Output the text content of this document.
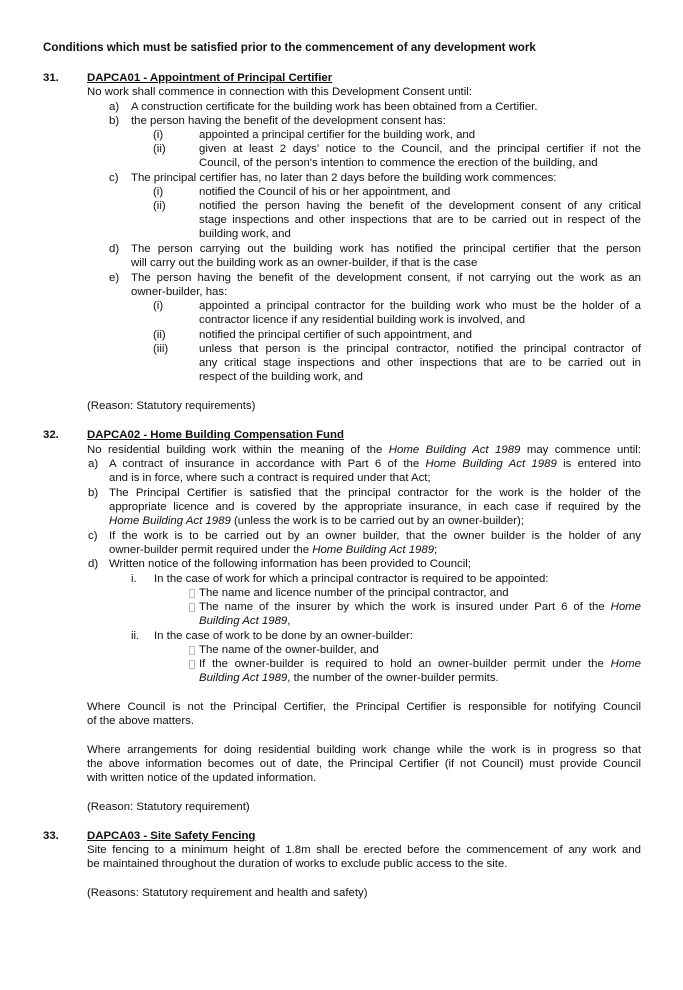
Conditions which must be satisfied prior to the commencement of any development work
31. DAPCA01 - Appointment of Principal Certifier
No work shall commence in connection with this Development Consent until:
a) A construction certificate for the building work has been obtained from a Certifier.
b) the person having the benefit of the development consent has:
(i)	appointed a principal certifier for the building work, and
(ii)	given at least 2 days’ notice to the Council, and the principal certifier if not the
Council, of the person's intention to commence the erection of the building, and
c) The principal certifier has, no later than 2 days before the building work commences:
(i)	notified the Council of his or her appointment, and
(ii)	notified the person having the benefit of the development consent of any critical
stage inspections and other inspections that are to be carried out in respect of the
building work, and
d) The person carrying out the building work has notified the principal certifier that the person
will carry out the building work as an owner-builder, if that is the case
e) The person having the benefit of the development consent, if not carrying out the work as an
owner-builder, has:
(i)	appointed a principal contractor for the building work who must be the holder of a
contractor licence if any residential building work is involved, and
(ii)	notified the principal certifier of such appointment, and
(iii)	unless that person is the principal contractor, notified the principal contractor of
any critical stage inspections and other inspections that are to be carried out in
respect of the building work, and
(Reason: Statutory requirements)
32. DAPCA02 - Home Building Compensation Fund
No residential building work within the meaning of the Home Building Act 1989 may commence until:
a) A contract of insurance in accordance with Part 6 of the Home Building Act 1989 is entered into
and is in force, where such a contract is required under that Act;
b) The Principal Certifier is satisfied that the principal contractor for the work is the holder of the
appropriate licence and is covered by the appropriate insurance, in each case if required by the
Home Building Act 1989 (unless the work is to be carried out by an owner-builder);
c) If the work is to be carried out by an owner builder, that the owner builder is the holder of any
owner-builder permit required under the Home Building Act 1989;
d) Written notice of the following information has been provided to Council;
i. In the case of work for which a principal contractor is required to be appointed:
The name and licence number of the principal contractor, and
The name of the insurer by which the work is insured under Part 6 of the Home
Building Act 1989,
ii. In the case of work to be done by an owner-builder:
The name of the owner-builder, and
If the owner-builder is required to hold an owner-builder permit under the Home
Building Act 1989, the number of the owner-builder permits.
Where Council is not the Principal Certifier, the Principal Certifier is responsible for notifying Council
of the above matters.
Where arrangements for doing residential building work change while the work is in progress so that
the above information becomes out of date, the Principal Certifier (if not Council) must provide Council
with written notice of the updated information.
(Reason: Statutory requirement)
33. DAPCA03 - Site Safety Fencing
Site fencing to a minimum height of 1.8m shall be erected before the commencement of any work and
be maintained throughout the duration of works to exclude public access to the site.
(Reasons: Statutory requirement and health and safety)
